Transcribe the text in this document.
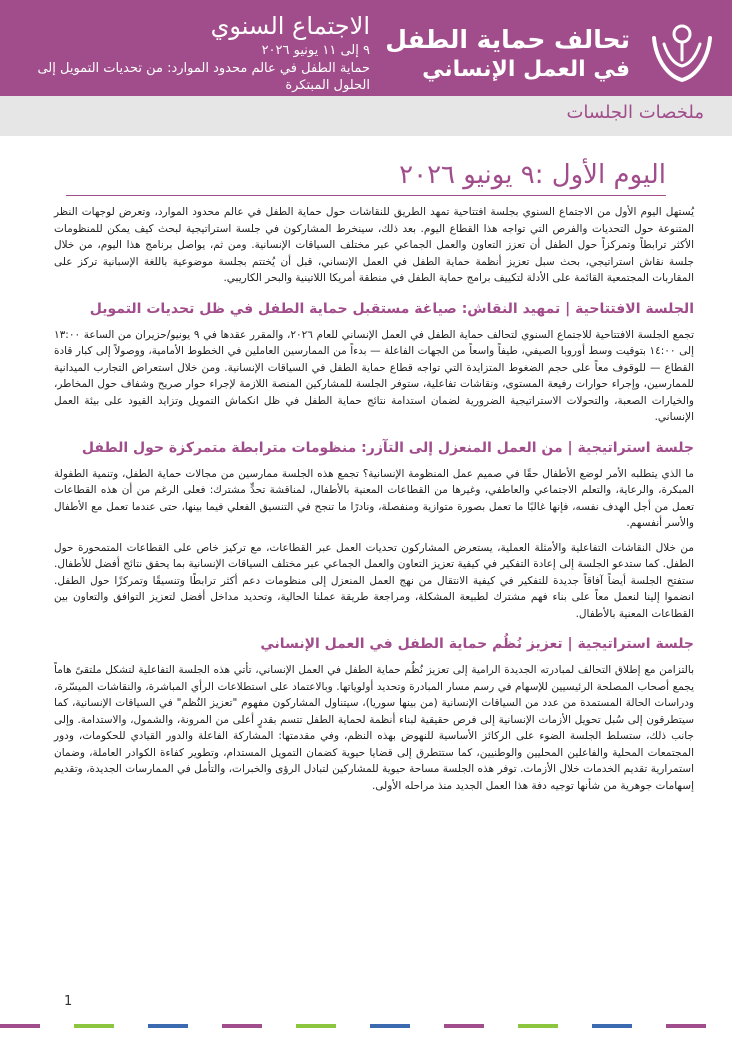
تحالف حماية الطفل
في العمل الإنساني
الاجتماع السنوي
٩ إلى ١١ يونيو ٢٠٢٦
حماية الطفل في عالم محدود الموارد: من تحديات التمويل إلى الحلول المبتكرة
ملخصات الجلسات
اليوم الأول :٩ يونيو ٢٠٢٦

يُستهل اليوم الأول من الاجتماع السنوي بجلسة افتتاحية تمهد الطريق للنقاشات حول حماية الطفل في عالم محدود الموارد، وتعرض لوجهات النظر المتنوعة حول التحديات والفرص التي تواجه هذا القطاع اليوم. بعد ذلك، سينخرط المشاركون في جلسة استراتيجية لبحث كيف يمكن للمنظومات الأكثر ترابطاً وتمركزاً حول الطفل أن تعزز التعاون والعمل الجماعي عبر مختلف السياقات الإنسانية. ومن ثم، يواصل برنامج هذا اليوم، من خلال جلسة نقاش استراتيجي، بحث سبل تعزيز أنظمة حماية الطفل في العمل الإنساني، قبل أن يُختتم بجلسة موضوعية باللغة الإسبانية تركز على المقاربات المجتمعية القائمة على الأدلة لتكييف برامج حماية الطفل في منطقة أمريكا اللاتينية والبحر الكاريبي.

الجلسة الافتتاحية | تمهيد النقاش: صياغة مستقبل حماية الطفل في ظل تحديات التمويل

تجمع الجلسة الافتتاحية للاجتماع السنوي لتحالف حماية الطفل في العمل الإنساني للعام ٢٠٢٦، والمقرر عقدها في ٩ يونيو/حزيران من الساعة ١٣:٠٠ إلى ١٤:٠٠ بتوقيت وسط أوروبا الصيفي، طيفاً واسعاً من الجهات الفاعلة — بدءاً من الممارسين العاملين في الخطوط الأمامية، ووصولاً إلى كبار قادة القطاع — للوقوف معاً على حجم الضغوط المتزايدة التي تواجه قطاع حماية الطفل في السياقات الإنسانية. ومن خلال استعراض التجارب الميدانية للممارسين، وإجراء حوارات رفيعة المستوى، ونقاشات تفاعلية، ستوفر الجلسة للمشاركين المنصة اللازمة لإجراء حوار صريح وشفاف حول المخاطر، والخيارات الصعبة، والتحولات الاستراتيجية الضرورية لضمان استدامة نتائج حماية الطفل في ظل انكماش التمويل وتزايد القيود على بيئة العمل الإنساني.

جلسة استراتيجية | من العمل المنعزل إلى التآزر: منظومات مترابطة متمركزة حول الطفل

ما الذي يتطلبه الأمر لوضع الأطفال حقًا في صميم عمل المنظومة الإنسانية؟ تجمع هذه الجلسة ممارسين من مجالات حماية الطفل، وتنمية الطفولة المبكرة، والرعاية، والتعلم الاجتماعي والعاطفي، وغيرها من القطاعات المعنية بالأطفال، لمناقشة تحدٍّ مشترك: فعلى الرغم من أن هذه القطاعات تعمل من أجل الهدف نفسه، فإنها غالبًا ما تعمل بصورة متوازية ومنفصلة، ونادرًا ما تنجح في التنسيق الفعلي فيما بينها، حتى عندما تعمل مع الأطفال والأسر أنفسهم.

من خلال النقاشات التفاعلية والأمثلة العملية، يستعرض المشاركون تحديات العمل عبر القطاعات، مع تركيز خاص على القطاعات المتمحورة حول الطفل. كما ستدعو الجلسة إلى إعادة التفكير في كيفية تعزيز التعاون والعمل الجماعي عبر مختلف السياقات الإنسانية بما يحقق نتائج أفضل للأطفال. ستفتح الجلسة أيضاً آفاقاً جديدة للتفكير في كيفية الانتقال من نهج العمل المنعزل إلى منظومات دعم أكثر ترابطًا وتنسيقًا وتمركزًا حول الطفل. انضموا إلينا لنعمل معاً على بناء فهم مشترك لطبيعة المشكلة، ومراجعة طريقة عملنا الحالية، وتحديد مداخل أفضل لتعزيز التوافق والتعاون بين القطاعات المعنية بالأطفال.

جلسة استراتيجية | تعزيز نُظُم حماية الطفل في العمل الإنساني

بالتزامن مع إطلاق التحالف لمبادرته الجديدة الرامية إلى تعزيز نُظُم حماية الطفل في العمل الإنساني، تأتي هذه الجلسة التفاعلية لتشكل ملتقىً هاماً يجمع أصحاب المصلحة الرئيسيين للإسهام في رسم مسار المبادرة وتحديد أولوياتها. وبالاعتماد على استطلاعات الرأي المباشرة، والنقاشات الميسّرة، ودراسات الحالة المستمدة من عدد من السياقات الإنسانية (من بينها سوريا)، سيتناول المشاركون مفهوم "تعزيز النُظم" في السياقات الإنسانية، كما سيتطرقون إلى سُبل تحويل الأزمات الإنسانية إلى فرص حقيقية لبناء أنظمة لحماية الطفل تتسم بقدرٍ أعلى من المرونة، والشمول، والاستدامة. وإلى جانب ذلك، ستسلط الجلسة الضوء على الركائز الأساسية للنهوض بهذه النظم، وفي مقدمتها: المشاركة الفاعلة والدور القيادي للحكومات، ودور المجتمعات المحلية والفاعلين المحليين والوطنيين، كما ستتطرق إلى قضايا حيوية كضمان التمويل المستدام، وتطوير كفاءة الكوادر العاملة، وضمان استمرارية تقديم الخدمات خلال الأزمات. توفر هذه الجلسة مساحة حيوية للمشاركين لتبادل الرؤى والخبرات، والتأمل في الممارسات الجديدة، وتقديم إسهامات جوهرية من شأنها توجيه دفة هذا العمل الجديد منذ مراحله الأولى.

1
